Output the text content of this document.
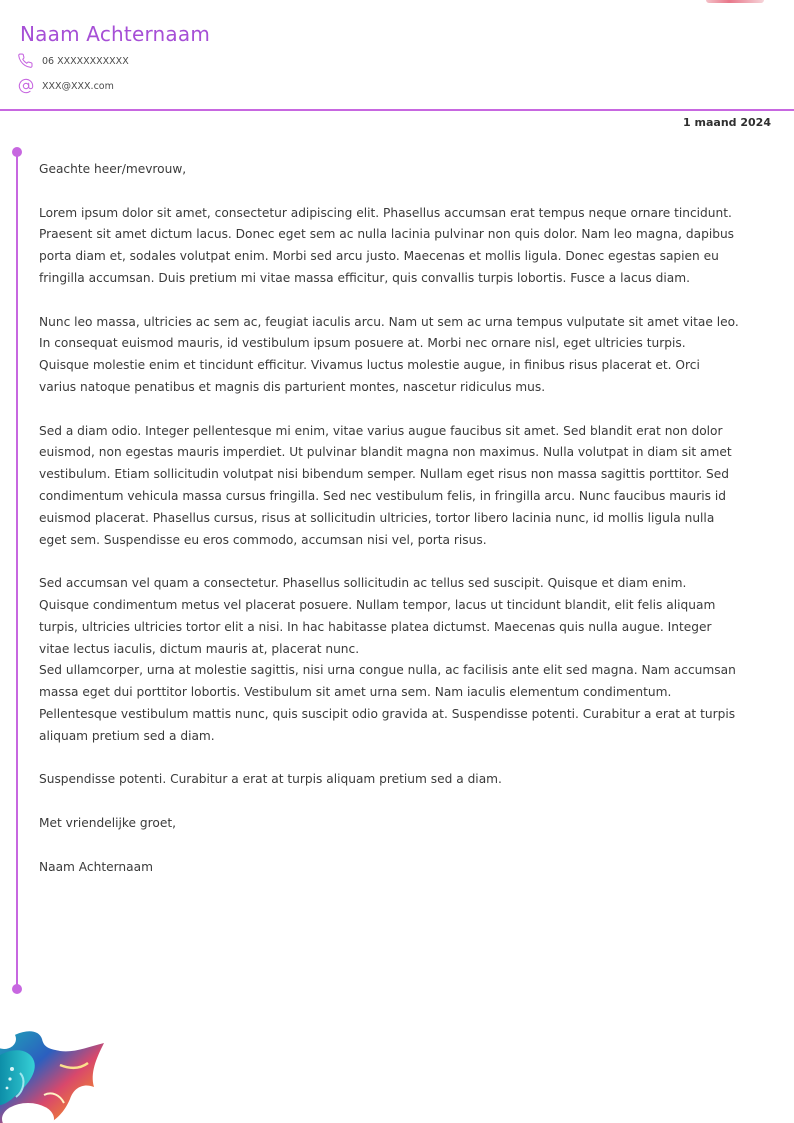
Naam Achternaam
06 XXXXXXXXXXX
XXX@XXX.com
1 maand 2024

Geachte heer/mevrouw,

Lorem ipsum dolor sit amet, consectetur adipiscing elit. Phasellus accumsan erat tempus neque ornare tincidunt. Praesent sit amet dictum lacus. Donec eget sem ac nulla lacinia pulvinar non quis dolor. Nam leo magna, dapibus porta diam et, sodales volutpat enim. Morbi sed arcu justo. Maecenas et mollis ligula. Donec egestas sapien eu fringilla accumsan. Duis pretium mi vitae massa efficitur, quis convallis turpis lobortis. Fusce a lacus diam.

Nunc leo massa, ultricies ac sem ac, feugiat iaculis arcu. Nam ut sem ac urna tempus vulputate sit amet vitae leo. In consequat euismod mauris, id vestibulum ipsum posuere at. Morbi nec ornare nisl, eget ultricies turpis. Quisque molestie enim et tincidunt efficitur. Vivamus luctus molestie augue, in finibus risus placerat et. Orci varius natoque penatibus et magnis dis parturient montes, nascetur ridiculus mus.

Sed a diam odio. Integer pellentesque mi enim, vitae varius augue faucibus sit amet. Sed blandit erat non dolor euismod, non egestas mauris imperdiet. Ut pulvinar blandit magna non maximus. Nulla volutpat in diam sit amet vestibulum. Etiam sollicitudin volutpat nisi bibendum semper. Nullam eget risus non massa sagittis porttitor. Sed condimentum vehicula massa cursus fringilla. Sed nec vestibulum felis, in fringilla arcu. Nunc faucibus mauris id euismod placerat. Phasellus cursus, risus at sollicitudin ultricies, tortor libero lacinia nunc, id mollis ligula nulla eget sem. Suspendisse eu eros commodo, accumsan nisi vel, porta risus.

Sed accumsan vel quam a consectetur. Phasellus sollicitudin ac tellus sed suscipit. Quisque et diam enim. Quisque condimentum metus vel placerat posuere. Nullam tempor, lacus ut tincidunt blandit, elit felis aliquam turpis, ultricies ultricies tortor elit a nisi. In hac habitasse platea dictumst. Maecenas quis nulla augue. Integer vitae lectus iaculis, dictum mauris at, placerat nunc.
Sed ullamcorper, urna at molestie sagittis, nisi urna congue nulla, ac facilisis ante elit sed magna. Nam accumsan massa eget dui porttitor lobortis. Vestibulum sit amet urna sem. Nam iaculis elementum condimentum. Pellentesque vestibulum mattis nunc, quis suscipit odio gravida at. Suspendisse potenti. Curabitur a erat at turpis aliquam pretium sed a diam.

Suspendisse potenti. Curabitur a erat at turpis aliquam pretium sed a diam.

Met vriendelijke groet,

Naam Achternaam
